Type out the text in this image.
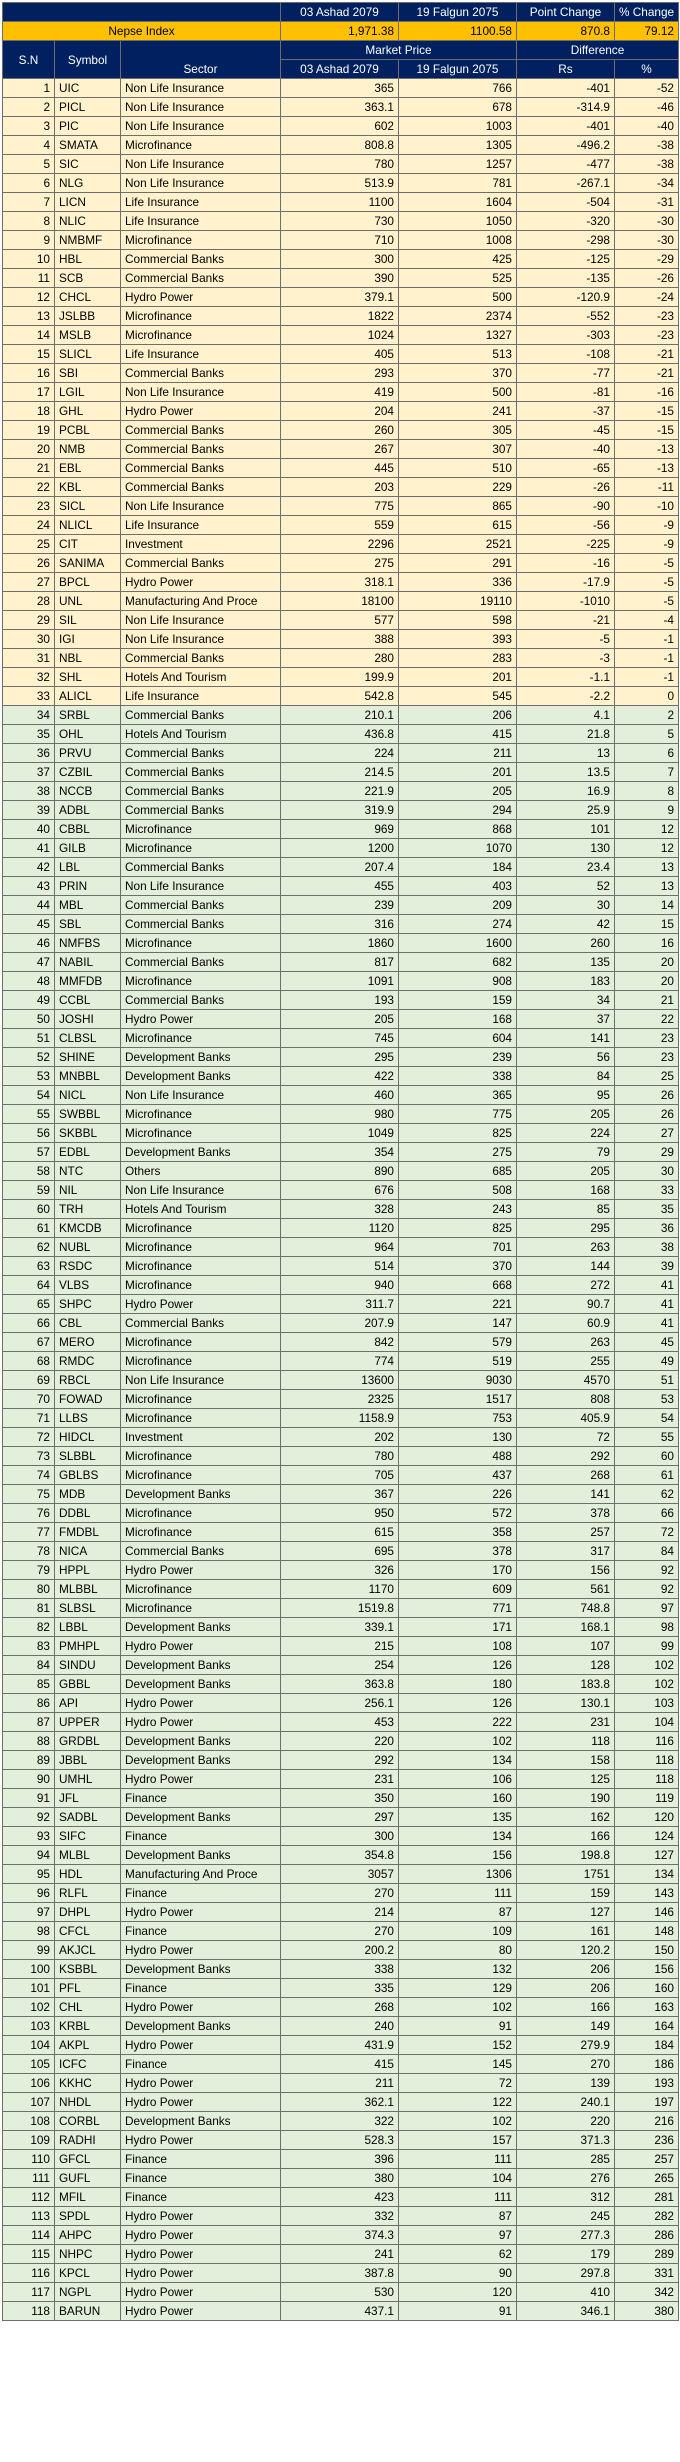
			03 Ashad 2079	19 Falgun 2075	Point Change	% Change
Nepse Index			1,971.38	1100.58	870.8	79.12
S.N	Symbol	Sector	Market Price		Difference	
			03 Ashad 2079	19 Falgun 2075	Rs	%
1	UIC	Non Life Insurance	365	766	-401	-52
2	PICL	Non Life Insurance	363.1	678	-314.9	-46
3	PIC	Non Life Insurance	602	1003	-401	-40
4	SMATA	Microfinance	808.8	1305	-496.2	-38
5	SIC	Non Life Insurance	780	1257	-477	-38
6	NLG	Non Life Insurance	513.9	781	-267.1	-34
7	LICN	Life Insurance	1100	1604	-504	-31
8	NLIC	Life Insurance	730	1050	-320	-30
9	NMBMF	Microfinance	710	1008	-298	-30
10	HBL	Commercial Banks	300	425	-125	-29
11	SCB	Commercial Banks	390	525	-135	-26
12	CHCL	Hydro Power	379.1	500	-120.9	-24
13	JSLBB	Microfinance	1822	2374	-552	-23
14	MSLB	Microfinance	1024	1327	-303	-23
15	SLICL	Life Insurance	405	513	-108	-21
16	SBI	Commercial Banks	293	370	-77	-21
17	LGIL	Non Life Insurance	419	500	-81	-16
18	GHL	Hydro Power	204	241	-37	-15
19	PCBL	Commercial Banks	260	305	-45	-15
20	NMB	Commercial Banks	267	307	-40	-13
21	EBL	Commercial Banks	445	510	-65	-13
22	KBL	Commercial Banks	203	229	-26	-11
23	SICL	Non Life Insurance	775	865	-90	-10
24	NLICL	Life Insurance	559	615	-56	-9
25	CIT	Investment	2296	2521	-225	-9
26	SANIMA	Commercial Banks	275	291	-16	-5
27	BPCL	Hydro Power	318.1	336	-17.9	-5
28	UNL	Manufacturing And Proce	18100	19110	-1010	-5
29	SIL	Non Life Insurance	577	598	-21	-4
30	IGI	Non Life Insurance	388	393	-5	-1
31	NBL	Commercial Banks	280	283	-3	-1
32	SHL	Hotels And Tourism	199.9	201	-1.1	-1
33	ALICL	Life Insurance	542.8	545	-2.2	0
34	SRBL	Commercial Banks	210.1	206	4.1	2
35	OHL	Hotels And Tourism	436.8	415	21.8	5
36	PRVU	Commercial Banks	224	211	13	6
37	CZBIL	Commercial Banks	214.5	201	13.5	7
38	NCCB	Commercial Banks	221.9	205	16.9	8
39	ADBL	Commercial Banks	319.9	294	25.9	9
40	CBBL	Microfinance	969	868	101	12
41	GILB	Microfinance	1200	1070	130	12
42	LBL	Commercial Banks	207.4	184	23.4	13
43	PRIN	Non Life Insurance	455	403	52	13
44	MBL	Commercial Banks	239	209	30	14
45	SBL	Commercial Banks	316	274	42	15
46	NMFBS	Microfinance	1860	1600	260	16
47	NABIL	Commercial Banks	817	682	135	20
48	MMFDB	Microfinance	1091	908	183	20
49	CCBL	Commercial Banks	193	159	34	21
50	JOSHI	Hydro Power	205	168	37	22
51	CLBSL	Microfinance	745	604	141	23
52	SHINE	Development Banks	295	239	56	23
53	MNBBL	Development Banks	422	338	84	25
54	NICL	Non Life Insurance	460	365	95	26
55	SWBBL	Microfinance	980	775	205	26
56	SKBBL	Microfinance	1049	825	224	27
57	EDBL	Development Banks	354	275	79	29
58	NTC	Others	890	685	205	30
59	NIL	Non Life Insurance	676	508	168	33
60	TRH	Hotels And Tourism	328	243	85	35
61	KMCDB	Microfinance	1120	825	295	36
62	NUBL	Microfinance	964	701	263	38
63	RSDC	Microfinance	514	370	144	39
64	VLBS	Microfinance	940	668	272	41
65	SHPC	Hydro Power	311.7	221	90.7	41
66	CBL	Commercial Banks	207.9	147	60.9	41
67	MERO	Microfinance	842	579	263	45
68	RMDC	Microfinance	774	519	255	49
69	RBCL	Non Life Insurance	13600	9030	4570	51
70	FOWAD	Microfinance	2325	1517	808	53
71	LLBS	Microfinance	1158.9	753	405.9	54
72	HIDCL	Investment	202	130	72	55
73	SLBBL	Microfinance	780	488	292	60
74	GBLBS	Microfinance	705	437	268	61
75	MDB	Development Banks	367	226	141	62
76	DDBL	Microfinance	950	572	378	66
77	FMDBL	Microfinance	615	358	257	72
78	NICA	Commercial Banks	695	378	317	84
79	HPPL	Hydro Power	326	170	156	92
80	MLBBL	Microfinance	1170	609	561	92
81	SLBSL	Microfinance	1519.8	771	748.8	97
82	LBBL	Development Banks	339.1	171	168.1	98
83	PMHPL	Hydro Power	215	108	107	99
84	SINDU	Development Banks	254	126	128	102
85	GBBL	Development Banks	363.8	180	183.8	102
86	API	Hydro Power	256.1	126	130.1	103
87	UPPER	Hydro Power	453	222	231	104
88	GRDBL	Development Banks	220	102	118	116
89	JBBL	Development Banks	292	134	158	118
90	UMHL	Hydro Power	231	106	125	118
91	JFL	Finance	350	160	190	119
92	SADBL	Development Banks	297	135	162	120
93	SIFC	Finance	300	134	166	124
94	MLBL	Development Banks	354.8	156	198.8	127
95	HDL	Manufacturing And Proce	3057	1306	1751	134
96	RLFL	Finance	270	111	159	143
97	DHPL	Hydro Power	214	87	127	146
98	CFCL	Finance	270	109	161	148
99	AKJCL	Hydro Power	200.2	80	120.2	150
100	KSBBL	Development Banks	338	132	206	156
101	PFL	Finance	335	129	206	160
102	CHL	Hydro Power	268	102	166	163
103	KRBL	Development Banks	240	91	149	164
104	AKPL	Hydro Power	431.9	152	279.9	184
105	ICFC	Finance	415	145	270	186
106	KKHC	Hydro Power	211	72	139	193
107	NHDL	Hydro Power	362.1	122	240.1	197
108	CORBL	Development Banks	322	102	220	216
109	RADHI	Hydro Power	528.3	157	371.3	236
110	GFCL	Finance	396	111	285	257
111	GUFL	Finance	380	104	276	265
112	MFIL	Finance	423	111	312	281
113	SPDL	Hydro Power	332	87	245	282
114	AHPC	Hydro Power	374.3	97	277.3	286
115	NHPC	Hydro Power	241	62	179	289
116	KPCL	Hydro Power	387.8	90	297.8	331
117	NGPL	Hydro Power	530	120	410	342
118	BARUN	Hydro Power	437.1	91	346.1	380
